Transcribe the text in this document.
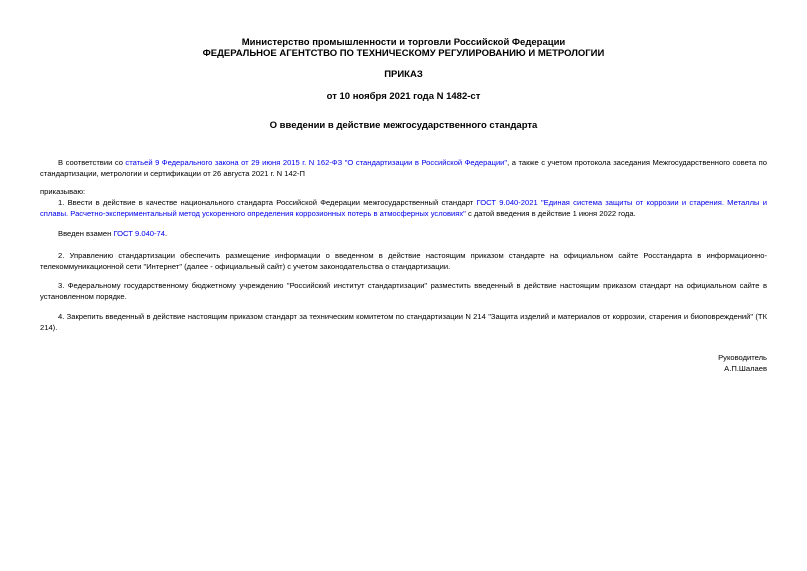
Министерство промышленности и торговли Российской Федерации
ФЕДЕРАЛЬНОЕ АГЕНТСТВО ПО ТЕХНИЧЕСКОМУ РЕГУЛИРОВАНИЮ И МЕТРОЛОГИИ
ПРИКАЗ
от 10 ноября 2021 года N 1482-ст
О введении в действие межгосударственного стандарта
В соответствии со статьей 9 Федерального закона от 29 июня 2015 г. N 162-ФЗ "О стандартизации в Российской Федерации", а также с учетом протокола заседания Межгосударственного совета по стандартизации, метрологии и сертификации от 26 августа 2021 г. N 142-П
приказываю:
1. Ввести в действие в качестве национального стандарта Российской Федерации межгосударственный стандарт ГОСТ 9.040-2021 "Единая система защиты от коррозии и старения. Металлы и сплавы. Расчетно-экспериментальный метод ускоренного определения коррозионных потерь в атмосферных условиях" с датой введения в действие 1 июня 2022 года.
Введен взамен ГОСТ 9.040-74.
2. Управлению стандартизации обеспечить размещение информации о введенном в действие настоящим приказом стандарте на официальном сайте Росстандарта в информационно-телекоммуникационной сети "Интернет" (далее - официальный сайт) с учетом законодательства о стандартизации.
3. Федеральному государственному бюджетному учреждению "Российский институт стандартизации" разместить введенный в действие настоящим приказом стандарт на официальном сайте в установленном порядке.
4. Закрепить введенный в действие настоящим приказом стандарт за техническим комитетом по стандартизации N 214 "Защита изделий и материалов от коррозии, старения и биоповреждений" (ТК 214).
Руководитель
А.П.Шалаев
